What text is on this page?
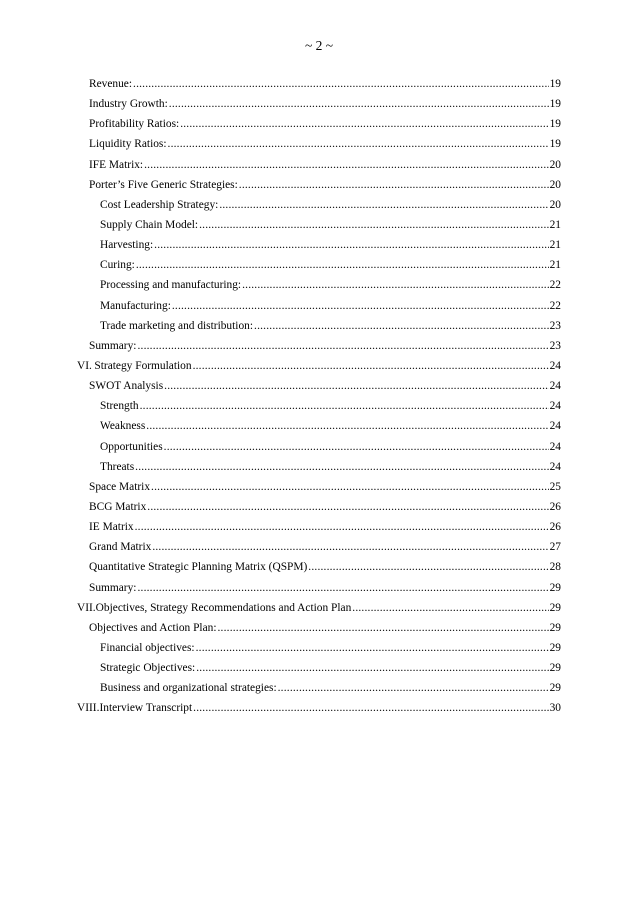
~ 2 ~
Revenue: .....	19
Industry Growth: .....	19
Profitability Ratios: .....	19
Liquidity Ratios: .....	19
IFE Matrix: .....	20
Porter’s Five Generic Strategies: .....	20
Cost Leadership Strategy: .....	20
Supply Chain Model: .....	21
Harvesting: .....	21
Curing: .....	21
Processing and manufacturing: .....	22
Manufacturing: .....	22
Trade marketing and distribution: .....	23
Summary: .....	23
VI. Strategy Formulation .....	24
SWOT Analysis .....	24
Strength .....	24
Weakness .....	24
Opportunities .....	24
Threats .....	24
Space Matrix .....	25
BCG Matrix .....	26
IE Matrix .....	26
Grand Matrix .....	27
Quantitative Strategic Planning Matrix (QSPM) .....	28
Summary: .....	29
VII. Objectives, Strategy Recommendations and Action Plan .....	29
Objectives and Action Plan: .....	29
Financial objectives: .....	29
Strategic Objectives: .....	29
Business and organizational strategies: .....	29
VIII. Interview Transcript .....	30
